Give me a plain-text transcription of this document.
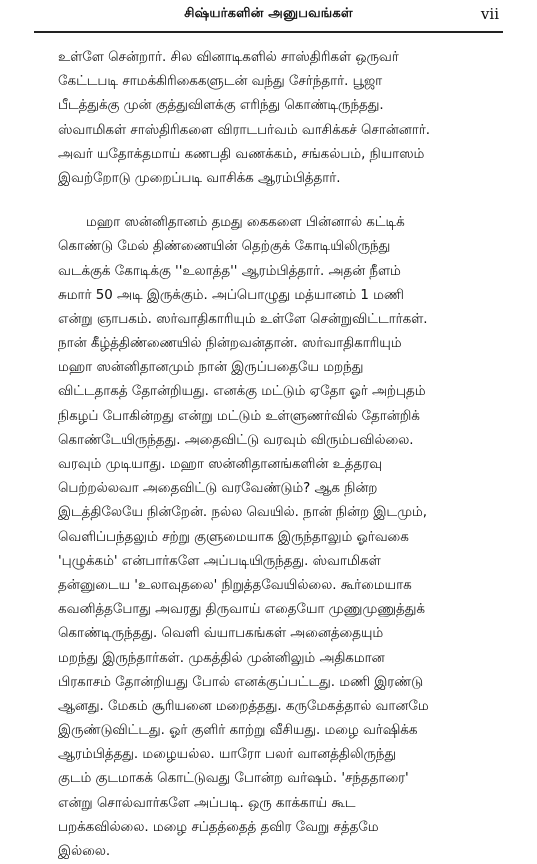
சிஷ்யர்களின் அனுபவங்கள்	vii
உள்ளே சென்றார். சில வினாடிகளில் சாஸ்திரிகள் ஒருவர்
கேட்டபடி சாமக்கிரிகைகளுடன் வந்து சேர்ந்தார். பூஜா
பீடத்துக்கு முன் குத்துவிளக்கு எரிந்து கொண்டிருந்தது.
ஸ்வாமிகள் சாஸ்திரிகளை விராடபர்வம் வாசிக்கச் சொன்னார்.
அவர் யதோக்தமாய் கணபதி வணக்கம், சங்கல்பம், நியாஸம்
இவற்றோடு முறைப்படி வாசிக்க ஆரம்பித்தார்.
மஹா ஸன்னிதானம் தமது கைகளை பின்னால் கட்டிக்
கொண்டு மேல் திண்ணையின் தெற்குக் கோடியிலிருந்து
வடக்குக் கோடிக்கு ''உலாத்த'' ஆரம்பித்தார். அதன் நீளம்
சுமார் 50 அடி இருக்கும். அப்பொழுது மத்யானம் 1 மணி
என்று ஞாபகம். ஸர்வாதிகாரியும் உள்ளே சென்றுவிட்டார்கள்.
நான் கீழ்த்திண்ணையில் நின்றவன்தான். ஸர்வாதிகாரியும்
மஹா ஸன்னிதானமும் நான் இருப்பதையே மறந்து
விட்டதாகத் தோன்றியது. எனக்கு மட்டும் ஏதோ ஓர் அற்புதம்
நிகழப் போகின்றது என்று மட்டும் உள்ளுணர்வில் தோன்றிக்
கொண்டேயிருந்தது. அதைவிட்டு வரவும் விரும்பவில்லை.
வரவும் முடியாது. மஹா ஸன்னிதானங்களின் உத்தரவு
பெற்றல்லவா அதைவிட்டு வரவேண்டும்? ஆக நின்ற
இடத்திலேயே நின்றேன். நல்ல வெயில். நான் நின்ற இடமும்,
வெளிப்பந்தலும் சற்று குளுமையாக இருந்தாலும் ஓர்வகை
'புழுக்கம்' என்பார்களே அப்படியிருந்தது. ஸ்வாமிகள்
தன்னுடைய 'உலாவுதலை' நிறுத்தவேயில்லை. கூர்மையாக
கவனித்தபோது அவரது திருவாய் எதையோ முணுமுணுத்துக்
கொண்டிருந்தது. வெளி வ்யாபகங்கள் அனைத்தையும்
மறந்து இருந்தார்கள். முகத்தில் முன்னிலும் அதிகமான
பிரகாசம் தோன்றியது போல் எனக்குப்பட்டது. மணி இரண்டு
ஆனது. மேகம் சூரியனை மறைத்தது. கருமேகத்தால் வானமே
இருண்டுவிட்டது. ஓர் குளிர் காற்று வீசியது. மழை வர்ஷிக்க
ஆரம்பித்தது. மழையல்ல. யாரோ பலர் வானத்திலிருந்து
குடம் குடமாகக் கொட்டுவது போன்ற வர்ஷம். 'சந்ததாரை'
என்று சொல்வார்களே அப்படி. ஒரு காக்காய் கூட
பறக்கவில்லை. மழை சப்தத்தைத் தவிர வேறு சத்தமே
இல்லை.
